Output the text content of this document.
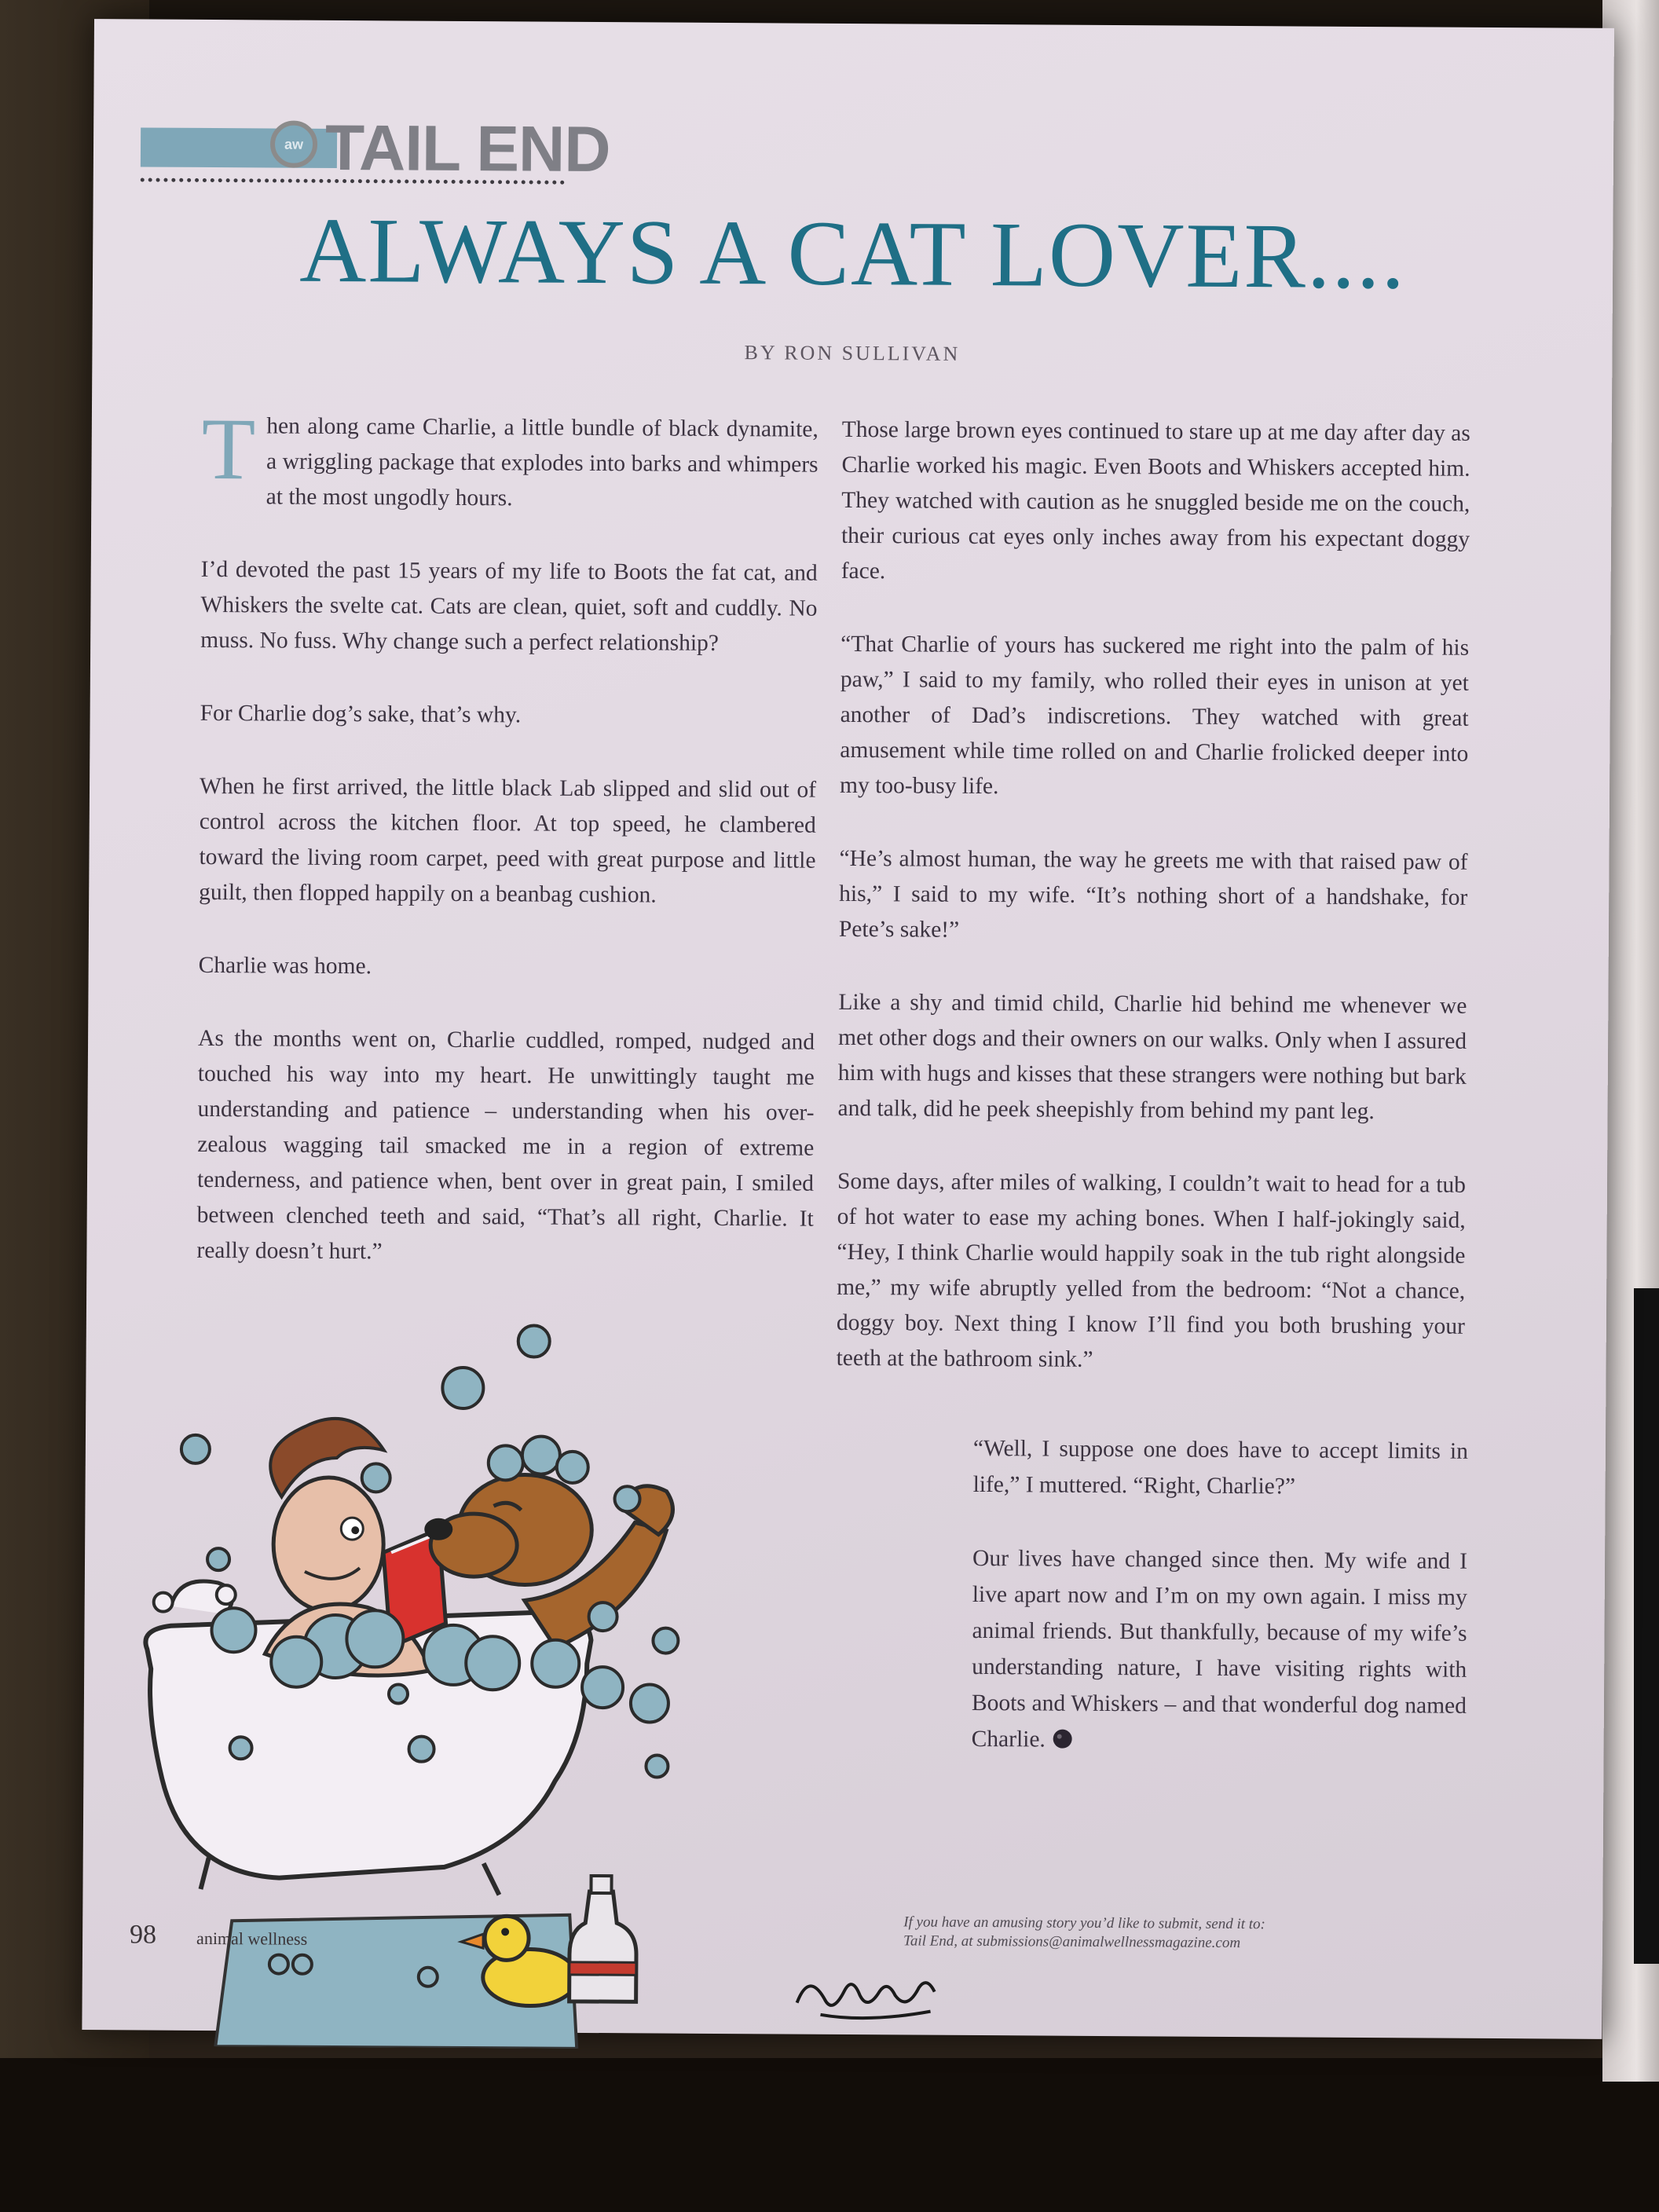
aw TAIL END
ALWAYS A CAT LOVER....
BY RON SULLIVAN

Then along came Charlie, a little bundle of black dynamite, a wriggling package that explodes into barks and whimpers at the most ungodly hours.

I’d devoted the past 15 years of my life to Boots the fat cat, and Whiskers the svelte cat. Cats are clean, quiet, soft and cuddly. No muss. No fuss. Why change such a perfect relationship?

For Charlie dog’s sake, that’s why.

When he first arrived, the little black Lab slipped and slid out of control across the kitchen floor. At top speed, he clambered toward the living room carpet, peed with great purpose and little guilt, then flopped happily on a beanbag cushion.

Charlie was home.

As the months went on, Charlie cuddled, romped, nudged and touched his way into my heart. He unwittingly taught me understanding and patience – understanding when his over-zealous wagging tail smacked me in a region of extreme tenderness, and patience when, bent over in great pain, I smiled between clenched teeth and said, “That’s all right, Charlie. It really doesn’t hurt.”

Those large brown eyes continued to stare up at me day after day as Charlie worked his magic. Even Boots and Whiskers accepted him. They watched with caution as he snuggled beside me on the couch, their curious cat eyes only inches away from his expectant doggy face.

“That Charlie of yours has suckered me right into the palm of his paw,” I said to my family, who rolled their eyes in unison at yet another of Dad’s indiscretions. They watched with great amusement while time rolled on and Charlie frolicked deeper into my too-busy life.

“He’s almost human, the way he greets me with that raised paw of his,” I said to my wife. “It’s nothing short of a handshake, for Pete’s sake!”

Like a shy and timid child, Charlie hid behind me whenever we met other dogs and their owners on our walks. Only when I assured him with hugs and kisses that these strangers were nothing but bark and talk, did he peek sheepishly from behind my pant leg.

Some days, after miles of walking, I couldn’t wait to head for a tub of hot water to ease my aching bones. When I half-jokingly said, “Hey, I think Charlie would happily soak in the tub right alongside me,” my wife abruptly yelled from the bedroom: “Not a chance, doggy boy. Next thing I know I’ll find you both brushing your teeth at the bathroom sink.”

“Well, I suppose one does have to accept limits in life,” I muttered. “Right, Charlie?”

Our lives have changed since then. My wife and I live apart now and I’m on my own again. I miss my animal friends. But thankfully, because of my wife’s understanding nature, I have visiting rights with Boots and Whiskers – and that wonderful dog named Charlie.

If you have an amusing story you’d like to submit, send it to:
Tail End, at submissions@animalwellnessmagazine.com
98 animal wellness
